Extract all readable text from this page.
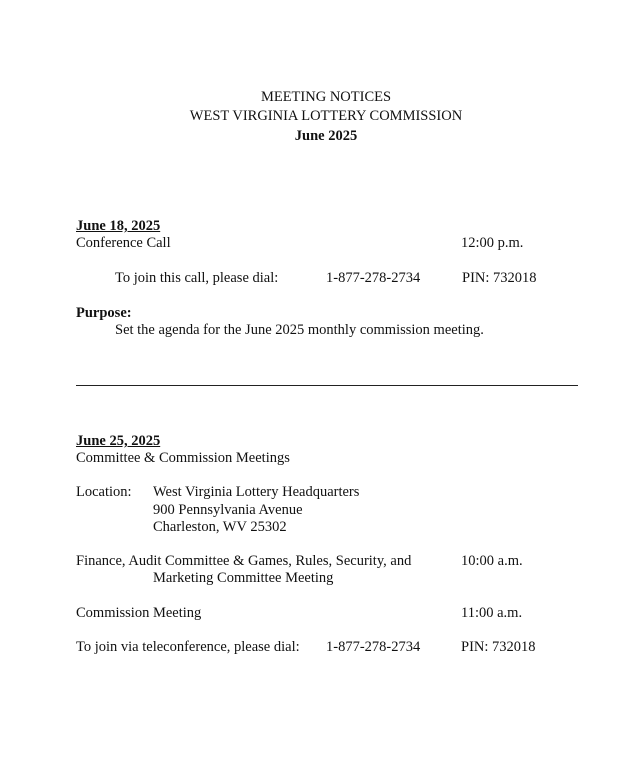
MEETING NOTICES
WEST VIRGINIA LOTTERY COMMISSION
June 2025
June 18, 2025
Conference Call	12:00 p.m.
To join this call, please dial:	1-877-278-2734	PIN: 732018
Purpose:
Set the agenda for the June 2025 monthly commission meeting.
June 25, 2025
Committee & Commission Meetings
Location: West Virginia Lottery Headquarters
900 Pennsylvania Avenue
Charleston, WV 25302
Finance, Audit Committee & Games, Rules, Security, and
Marketing Committee Meeting
10:00 a.m.
Commission Meeting	11:00 a.m.
To join via teleconference, please dial: 1-877-278-2734	PIN: 732018
